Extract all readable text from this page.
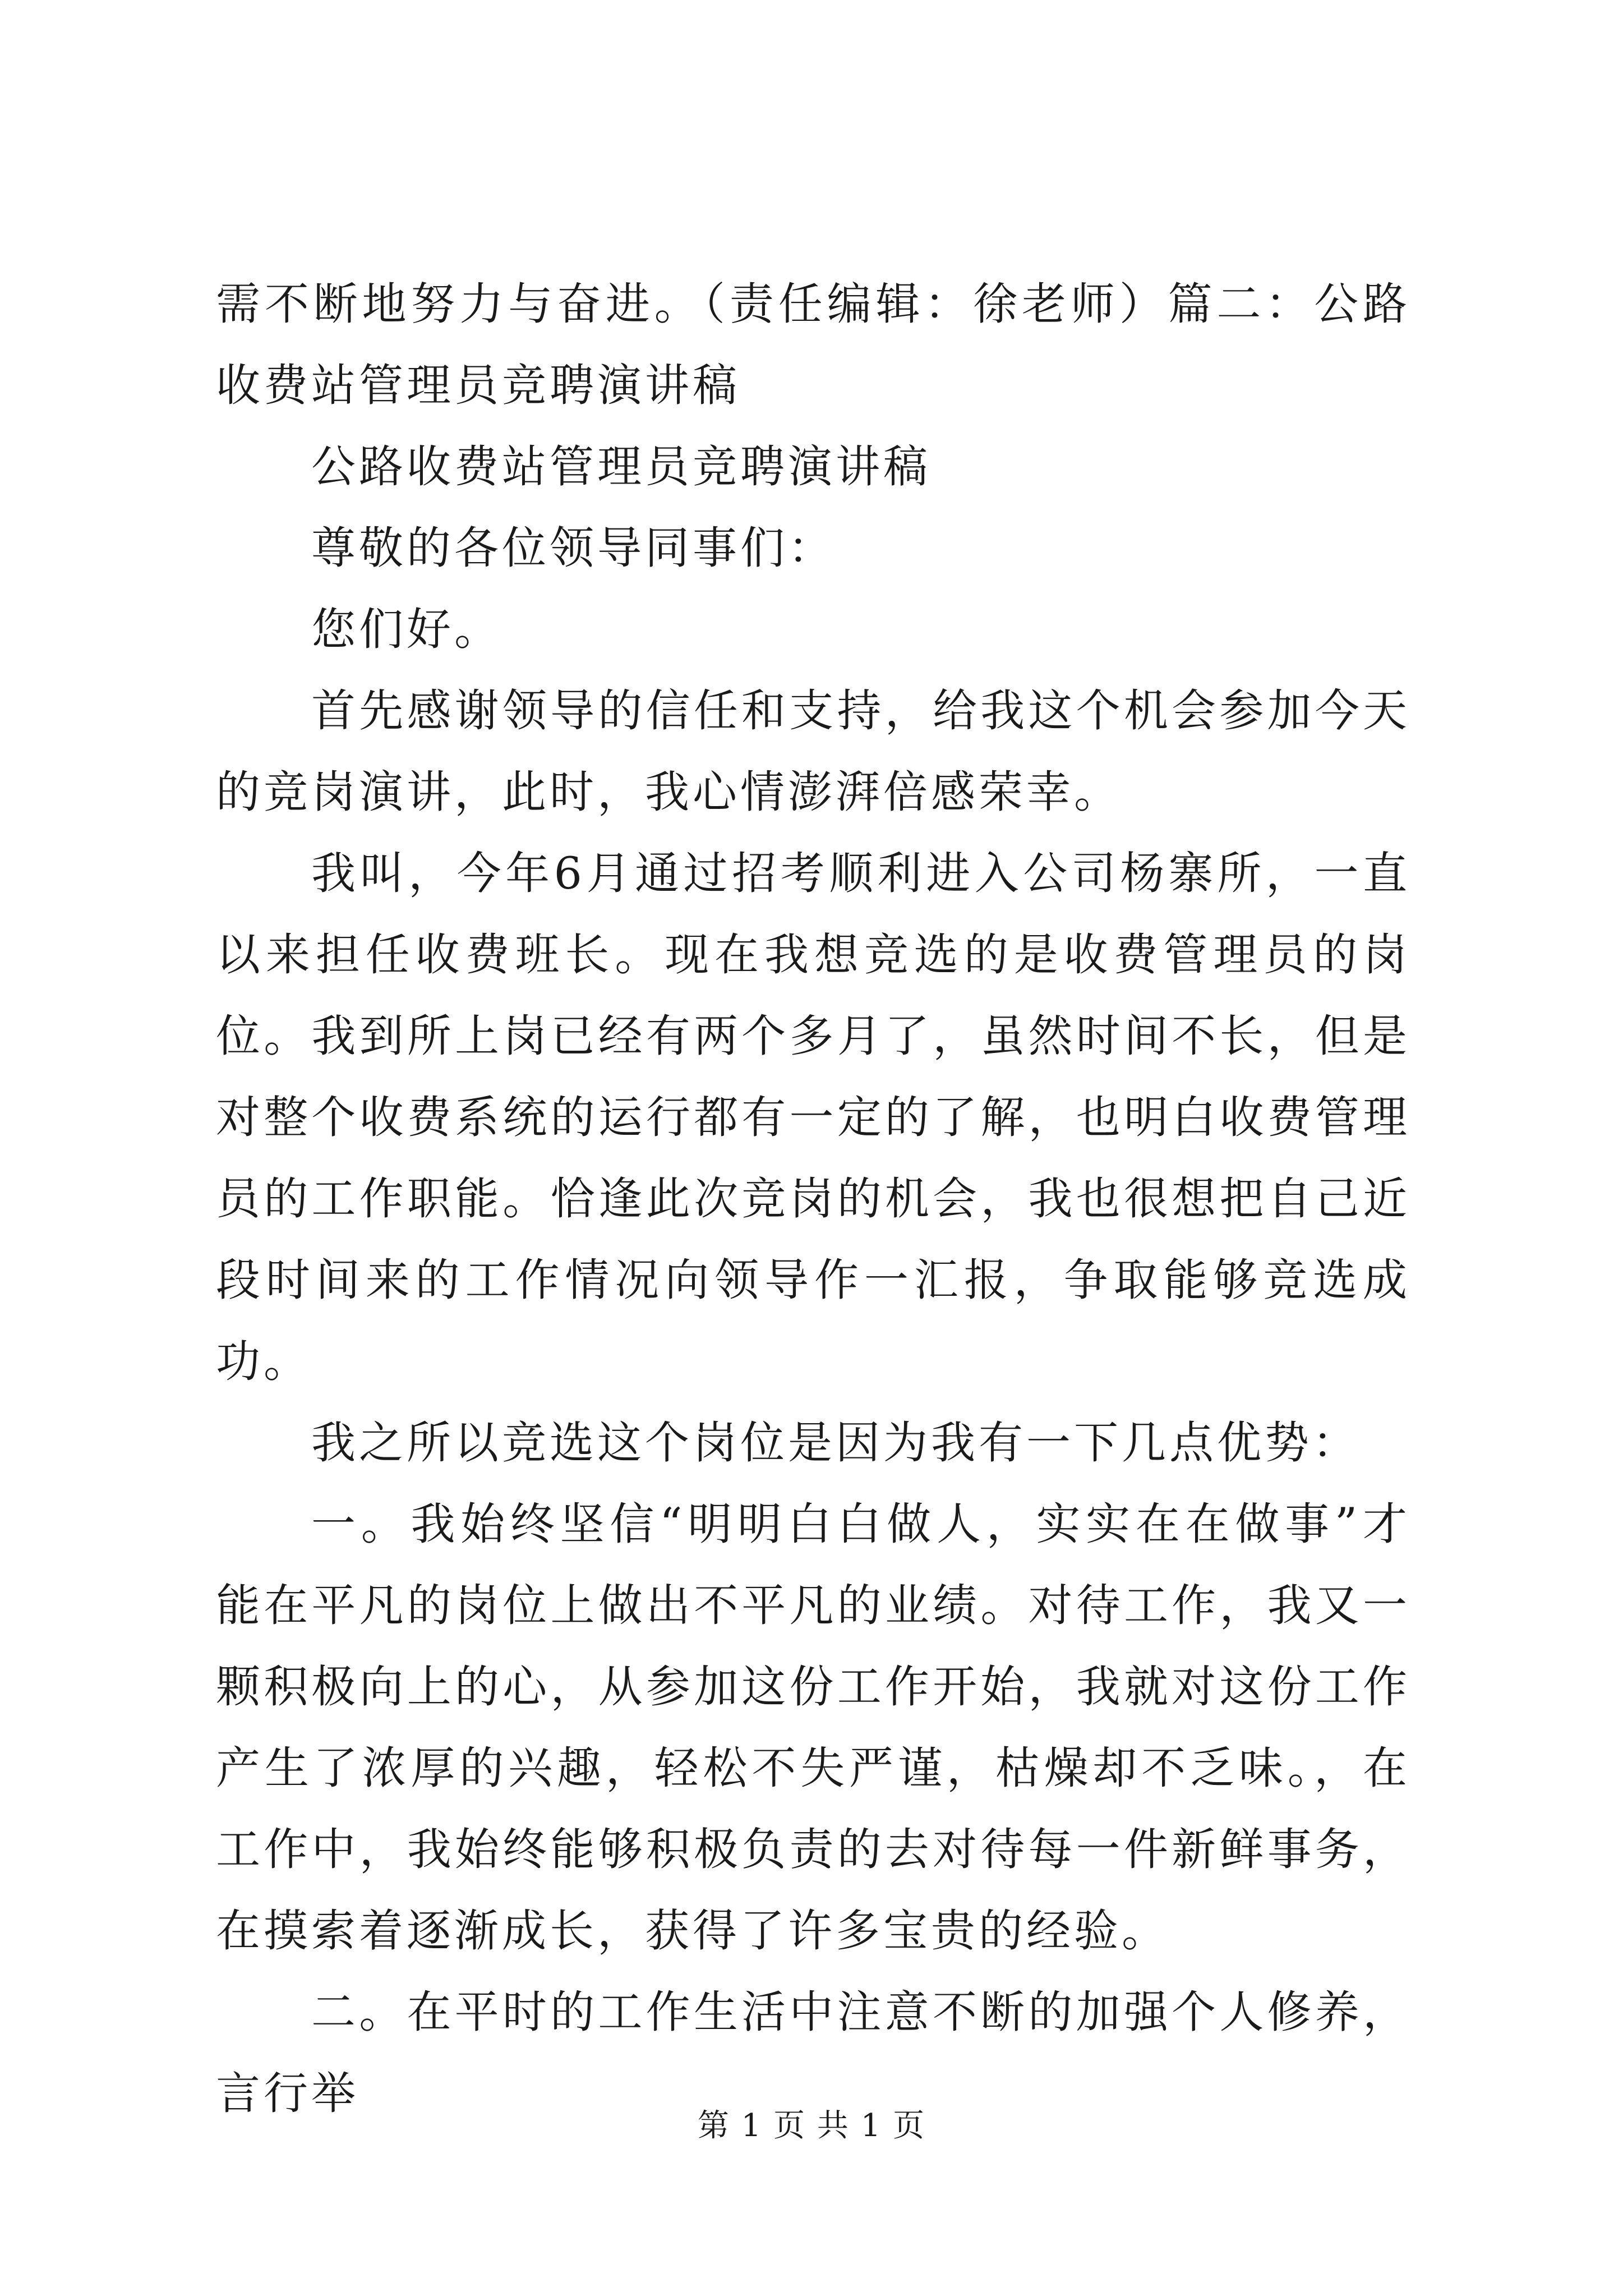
需不断地努力与奋进。（责任编辑：徐老师）篇二：公路收费站管理员竞聘演讲稿

公路收费站管理员竞聘演讲稿

尊敬的各位领导同事们：

您们好。

首先感谢领导的信任和支持，给我这个机会参加今天的竞岗演讲，此时，我心情澎湃倍感荣幸。

我叫，今年6月通过招考顺利进入公司杨寨所，一直以来担任收费班长。现在我想竞选的是收费管理员的岗位。我到所上岗已经有两个多月了，虽然时间不长，但是对整个收费系统的运行都有一定的了解，也明白收费管理员的工作职能。恰逢此次竞岗的机会，我也很想把自己近段时间来的工作情况向领导作一汇报，争取能够竞选成功。

我之所以竞选这个岗位是因为我有一下几点优势：

一。我始终坚信“明明白白做人，实实在在做事”才能在平凡的岗位上做出不平凡的业绩。对待工作，我又一颗积极向上的心，从参加这份工作开始，我就对这份工作产生了浓厚的兴趣，轻松不失严谨，枯燥却不乏味。，在工作中，我始终能够积极负责的去对待每一件新鲜事务，在摸索着逐渐成长，获得了许多宝贵的经验。

二。在平时的工作生活中注意不断的加强个人修养，言行举

第 1 页 共 1 页
